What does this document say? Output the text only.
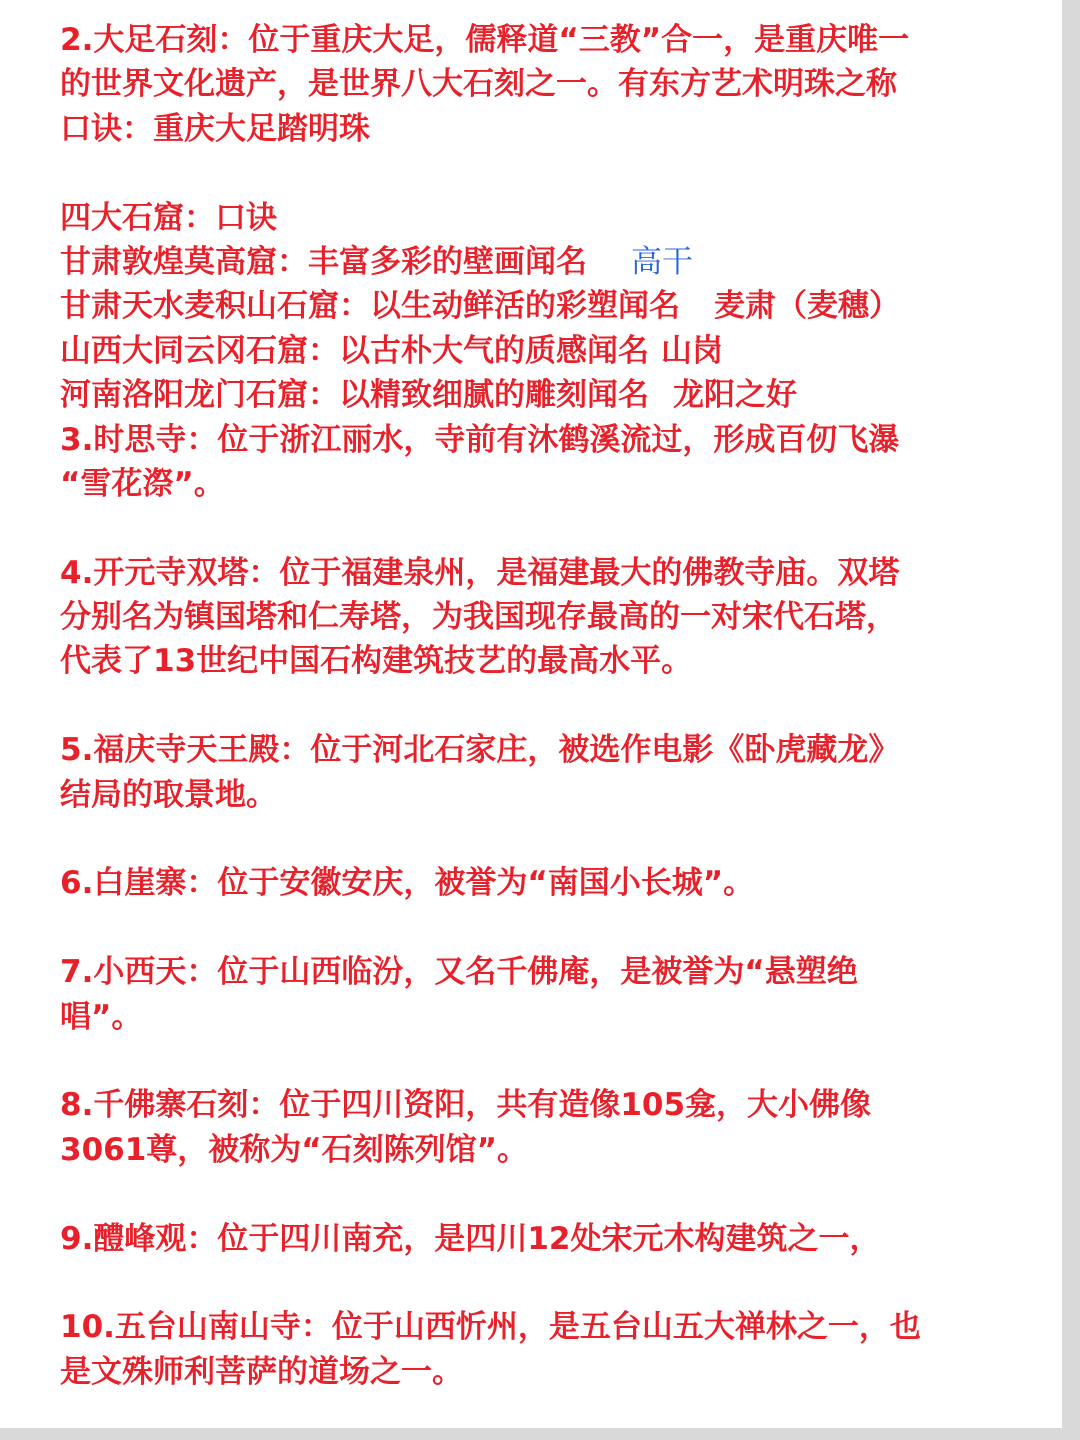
2.大足石刻：位于重庆大足，儒释道“三教”合一，是重庆唯一
的世界文化遗产，是世界八大石刻之一。有东方艺术明珠之称
口诀：重庆大足踏明珠
四大石窟：口诀
甘肃敦煌莫高窟：丰富多彩的壁画闻名 高干
甘肃天水麦积山石窟：以生动鲜活的彩塑闻名 麦肃（麦穗）
山西大同云冈石窟：以古朴大气的质感闻名 山岗
河南洛阳龙门石窟：以精致细腻的雕刻闻名 龙阳之好
3.时思寺：位于浙江丽水，寺前有沐鹤溪流过，形成百仞飞瀑
“雪花漈”。
4.开元寺双塔：位于福建泉州，是福建最大的佛教寺庙。双塔
分别名为镇国塔和仁寿塔，为我国现存最高的一对宋代石塔，
代表了13世纪中国石构建筑技艺的最高水平。
5.福庆寺天王殿：位于河北石家庄，被选作电影《卧虎藏龙》
结局的取景地。
6.白崖寨：位于安徽安庆，被誉为“南国小长城”。
7.小西天：位于山西临汾，又名千佛庵，是被誉为“悬塑绝
唱”。
8.千佛寨石刻：位于四川资阳，共有造像105龛，大小佛像
3061尊，被称为“石刻陈列馆”。
9.醴峰观：位于四川南充，是四川12处宋元木构建筑之一，
10.五台山南山寺：位于山西忻州，是五台山五大禅林之一，也
是文殊师利菩萨的道场之一。
